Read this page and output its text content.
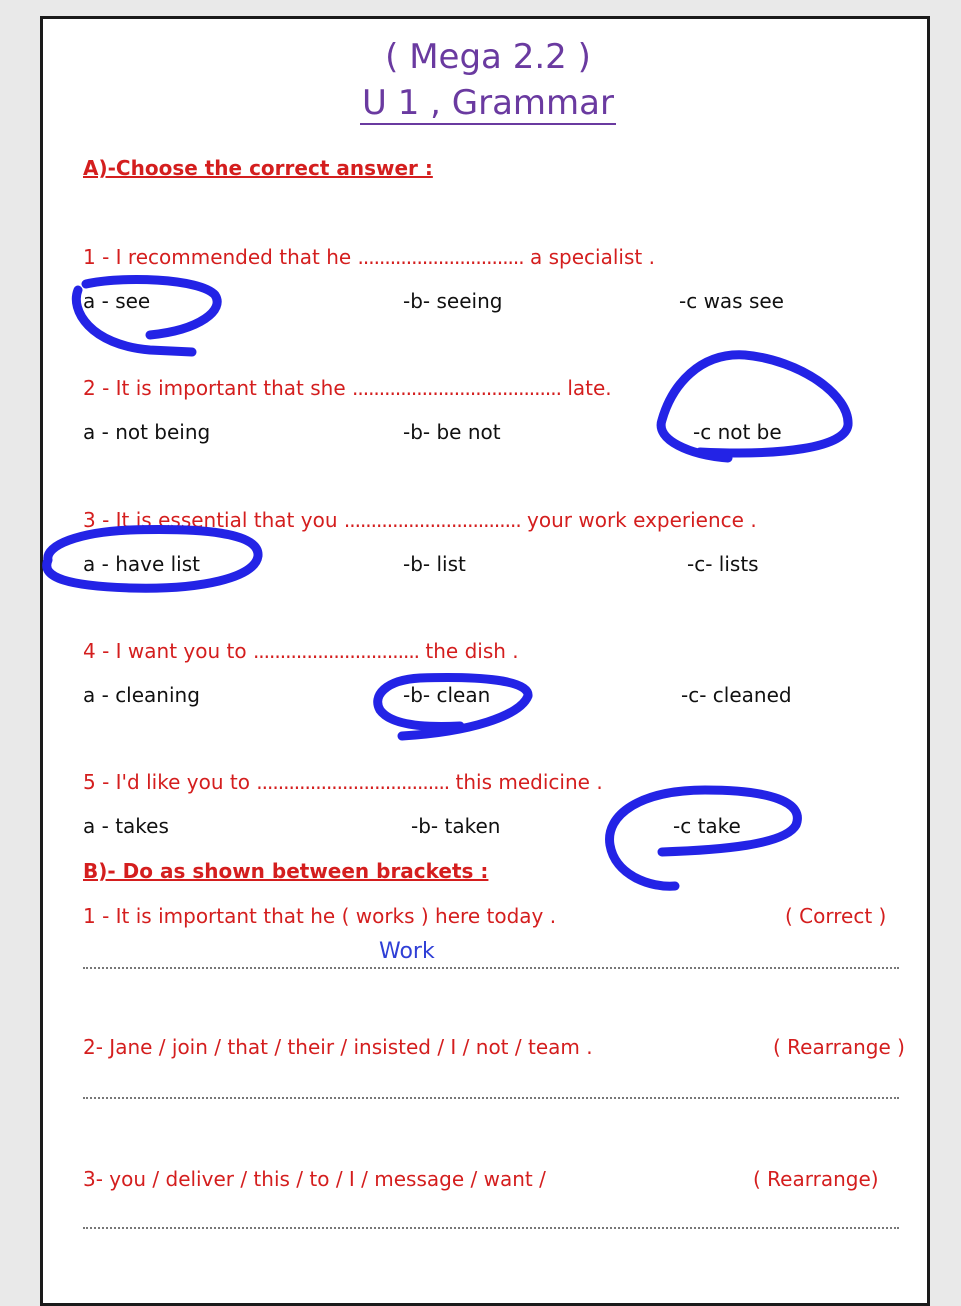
( Mega 2.2 )
U 1 , Grammar
A)-Choose the correct answer :
1 - I recommended that he ............................... a specialist .
a - see	-b- seeing	-c was see
2 - It is important that she ....................................... late.
a - not being	-b- be not	-c not be
3 - It is essential that you ................................. your work experience .
a - have list	-b- list	-c- lists
4 - I want you to ............................... the dish .
a - cleaning	-b- clean	-c- cleaned
5 - I'd like you to .................................... this medicine .
a - takes	-b- taken	-c take
B)- Do as shown between brackets :
1 - It is important that he ( works ) here today .	( Correct )
Work
2- Jane / join / that / their / insisted / I / not / team .	( Rearrange )
3- you / deliver / this / to / I / message / want /	( Rearrange)
